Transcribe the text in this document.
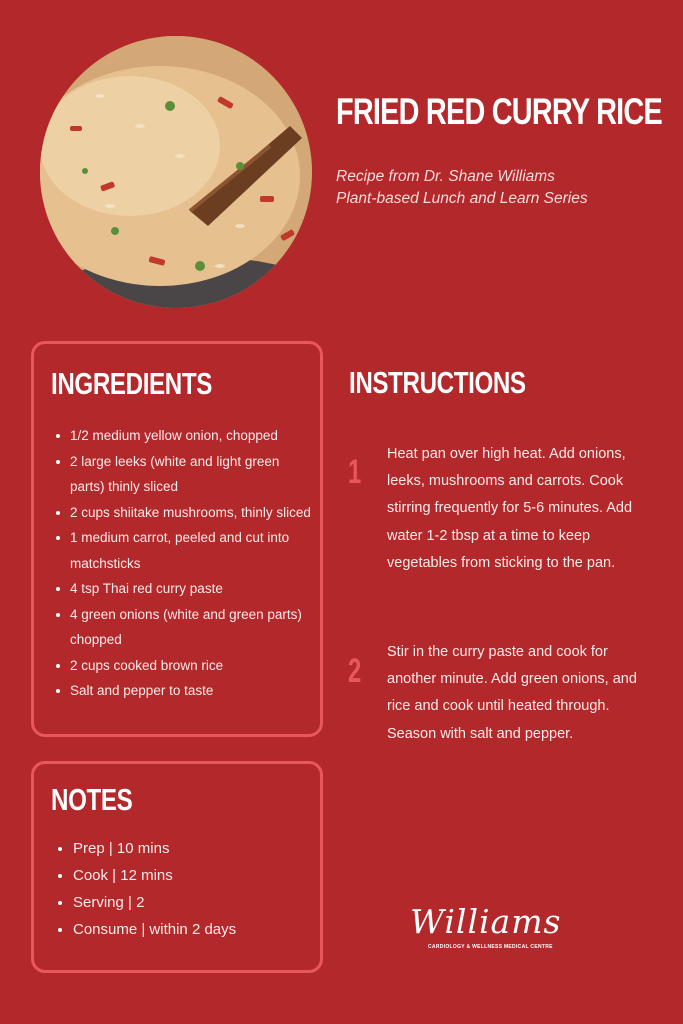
FRIED RED CURRY RICE
Recipe from Dr. Shane Williams
Plant-based Lunch and Learn Series
INGREDIENTS
1/2 medium yellow onion, chopped
2 large leeks (white and light green parts) thinly sliced
2 cups shiitake mushrooms, thinly sliced
1 medium carrot, peeled and cut into matchsticks
4 tsp Thai red curry paste
4 green onions (white and green parts) chopped
2 cups cooked brown rice
Salt and pepper to taste
NOTES
Prep | 10 mins
Cook | 12 mins
Serving | 2
Consume | within 2 days
INSTRUCTIONS
1 Heat pan over high heat. Add onions, leeks, mushrooms and carrots. Cook stirring frequently for 5-6 minutes. Add water 1-2 tbsp at a time to keep vegetables from sticking to the pan.
2 Stir in the curry paste and cook for another minute. Add green onions, and rice and cook until heated through. Season with salt and pepper.
Williams
CARDIOLOGY & WELLNESS MEDICAL CENTRE
